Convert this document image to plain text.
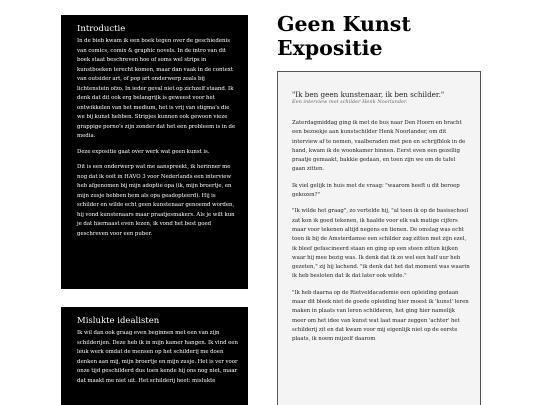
Introductie

In de bieb kwam ik een boek tegen over de geschiedenis van comics, comix & graphic novels. In de intro van dit boek staat beschreven hoe of soms wel strips in kunstboeken terecht komen, maar dan vaak in de context van outsider art, of pop art onderwerp zoals bij lichtenstein ofzo. In ieder geval niet op zichzelf staand. Ik denk dat dit ook erg belangrijk is geweest voor het ontwikkelen van het medium, het is vrij van stigma's die we bij kunst hebben. Stripjes kunnen ook gewoon vieze grappige porno's zijn zonder dat het een probleem is in de media.

Deze expositie gaat over werk wat geen kunst is.

Dit is een onderwerp wat me aanspreekt, ik herinner me nog dat ik ooit in HAVO 3 voor Nederlands een interview heb afgenomen bij mijn adoptie opa (ik, mijn broertje, en mijn zusje hebben hem als opa geadopteerd). Hij is schilder en wilde echt geen kunstenaar genoemd worden, hij vond kunstenaars maar praatjesmakers. Als je wilt kun je dat hiernaast even lezen, ik vond het best goed geschreven voor een puber.

Mislukte idealisten

Ik wil dan ook graag even beginnen met een van zijn schilderijen. Deze heb ik in mijn kamer hangen. Ik vind een leuk werk omdat de mensen op het schilderij me doen denken aan mij, mijn broertje en mijn zusje. Het is ver voor onze tijd geschilderd dus toen kende hij ons nog niet, maar dat maakt me niet uit. Het schilderij heet: mislukte

Geen Kunst Expositie
"Ik ben geen kunstenaar, ik ben schilder."
Een interview met schilder Henk Noorlander.

Zaterdagmiddag ging ik met de bus naar Den Hoorn en bracht een bezoekje aan kunstschilder Henk Noorlander, om dit interview af te nemen, vaalberaden met pen en schrijfblok in de hand, kwam ik de woonkamer binnen. Eerst even een gezellig praatje gemaakt, bakkie gedaan, en toen zijn we om de tafel gaan zitten.

Ik viel gelijk in huis met de vraag: "waarom heeft u dit beroep gekozen?"

"Ik wilde het graag", zo vertelde hij, "al toen ik op de basisschool zat kon ik goed tekenen, ik haalde voor elk vak matige cijfers maar voor tekenen altijd negens en tienen. De omslag was echt toen ik bij de Amsterdamse een schilder zag zitten met zijn ezel, ik bleef gefascineerd staan en ging op een steen zitten kijken waar hij mee bezig was. Ik denk dat ik zo wel een half uur heb gezeten," zij hij lachend. "ik denk dat het dat moment was waarin ik heb besloten dat ik dat later ook wilde."

"Ik heb daarna op de Rietveldacademie een opleiding gedaan maar dit bleek niet de goede opleiding hier moest ik 'kunst' leren maken in plaats van leren schilderen, het ging hier namelijk meer om het idee van kunst wat laat maar zeggen 'achter' het schilderij zit en dat kwam voor mij eigenlijk niet op de eerste plaats, ik noem mijzelf daarom
